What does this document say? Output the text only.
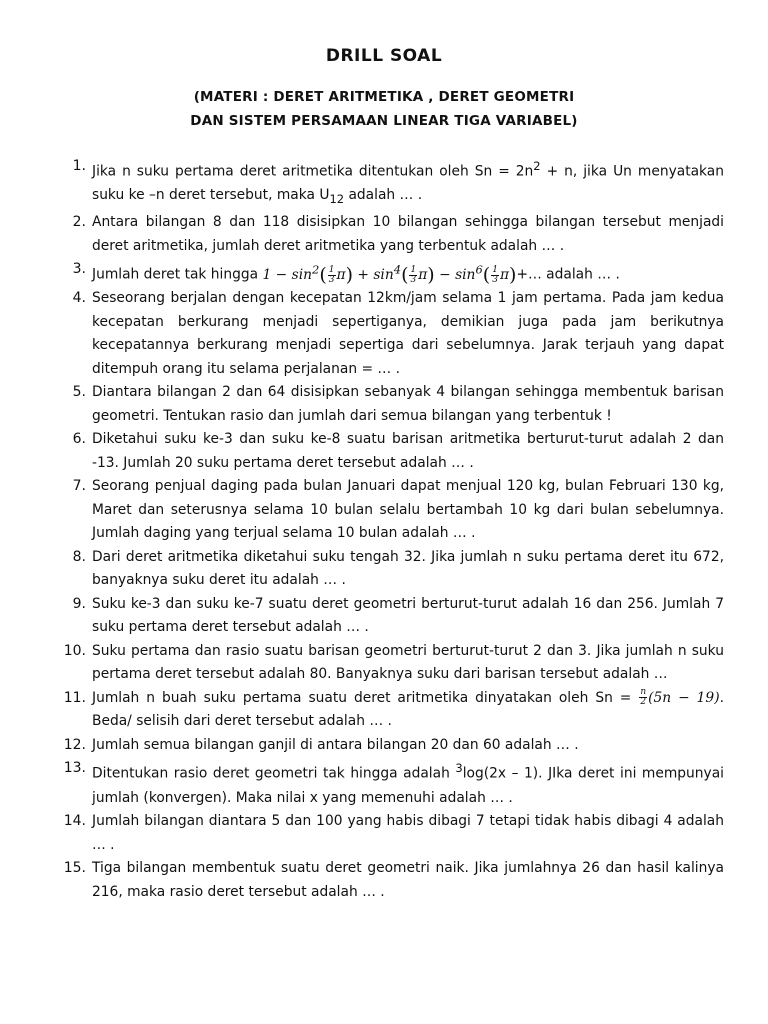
DRILL SOAL
(MATERI : DERET ARITMETIKA , DERET GEOMETRI
DAN SISTEM PERSAMAAN LINEAR TIGA VARIABEL)
1. Jika n suku pertama deret aritmetika ditentukan oleh $Sn = 2n^2 + n$, jika Un menyatakan suku ke –n deret tersebut, maka $U_{12}$ adalah … .
2. Antara bilangan 8 dan 118 disisipkan 10 bilangan sehingga bilangan tersebut menjadi deret aritmetika, jumlah deret aritmetika yang terbentuk adalah … .
3. Jumlah deret tak hingga $1 - \sin^2( \frac{1}{3} \pi) + \sin^4( \frac{1}{3} \pi) - \sin^6( \frac{1}{3}$ π)+… adalah … .
4. Seseorang berjalan dengan kecepatan 12km/jam selama 1 jam pertama. Pada jam kedua kecepatan berkurang menjadi sepertiganya, demikian juga pada jam berikutnya kecepatannya berkurang menjadi sepertiga dari sebelumnya. Jarak terjauh yang dapat ditempuh orang itu selama perjalanan = … .
5. Diantara bilangan 2 dan 64 disisipkan sebanyak 4 bilangan sehingga membentuk barisan geometri. Tentukan rasio dan jumlah dari semua bilangan yang terbentuk !
6. Diketahui suku ke-3 dan suku ke-8 suatu barisan aritmetika berturut-turut adalah 2 dan -13. Jumlah 20 suku pertama deret tersebut adalah … .
7. Seorang penjual daging pada bulan Januari dapat menjual 120 kg, bulan Februari 130 kg, Maret dan seterusnya selama 10 bulan selalu bertambah 10 kg dari bulan sebelumnya. Jumlah daging yang terjual selama 10 bulan adalah … .
8. Dari deret aritmetika diketahui suku tengah 32. Jika jumlah n suku pertama deret itu 672, banyaknya suku deret itu adalah … .
9. Suku ke-3 dan suku ke-7 suatu deret geometri berturut-turut adalah 16 dan 256. Jumlah 7 suku pertama deret tersebut adalah … .
10. Suku pertama dan rasio suatu barisan geometri berturut-turut 2 dan 3. Jika jumlah n suku pertama deret tersebut adalah 80. Banyaknya suku dari barisan tersebut adalah …
11. Jumlah n buah suku pertama suatu deret aritmetika dinyatakan oleh $Sn = \frac{n}{2} (5n - 19)$. Beda/ selisih dari deret tersebut adalah … .
12. Jumlah semua bilangan ganjil di antara bilangan 20 dan 60 adalah … .
13. Ditentukan rasio deret geometri tak hingga adalah $^3$log(2x – 1). JIka deret ini mempunyai jumlah (konvergen). Maka nilai x yang memenuhi adalah … .
14. Jumlah bilangan diantara 5 dan 100 yang habis dibagi 7 tetapi tidak habis dibagi 4 adalah … .
15. Tiga bilangan membentuk suatu deret geometri naik. Jika jumlahnya 26 dan hasil kalinya 216, maka rasio deret tersebut adalah … .
